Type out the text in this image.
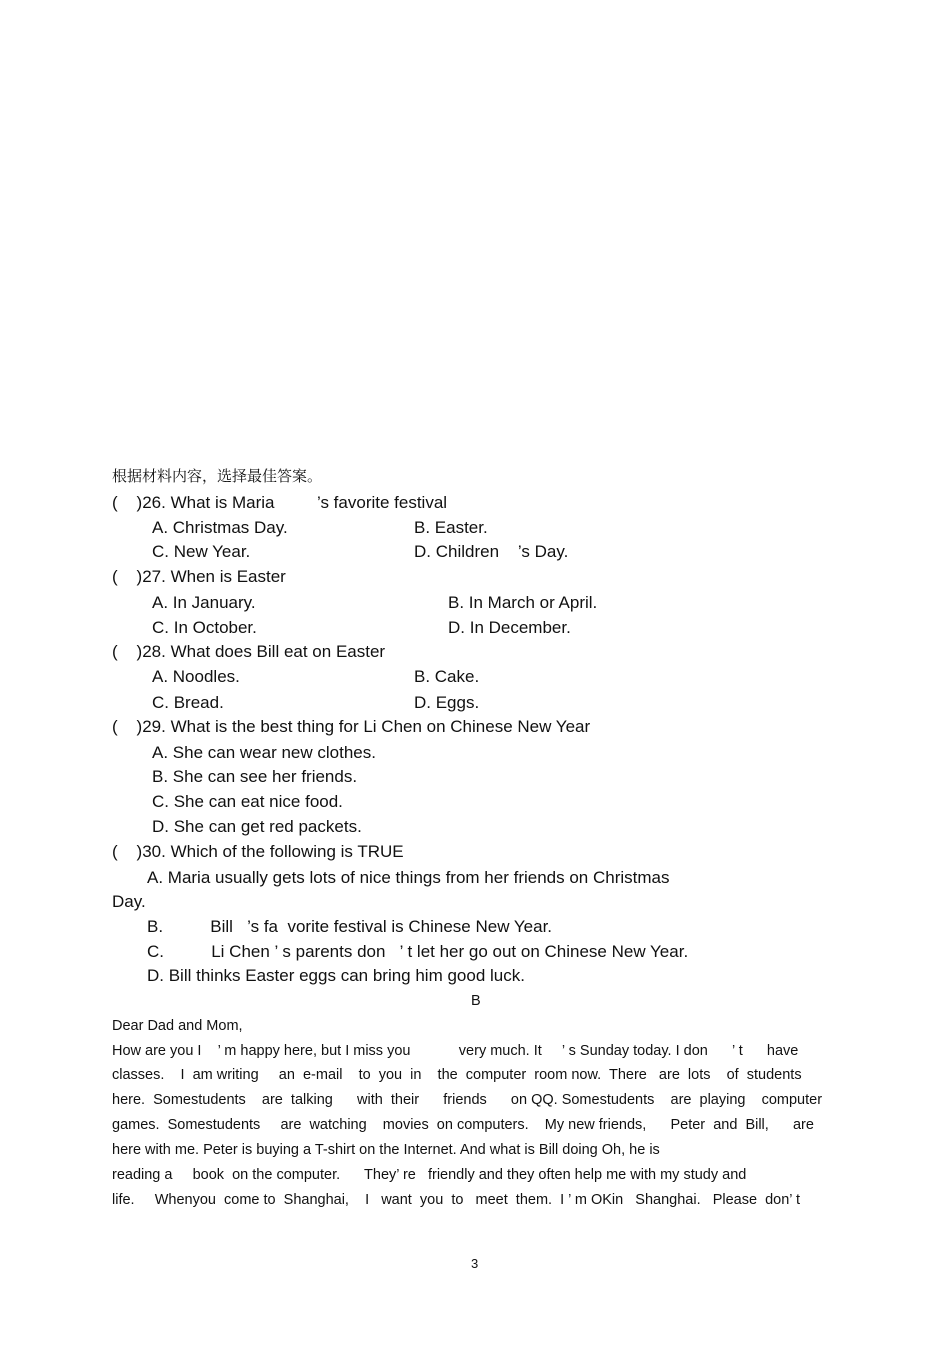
根据材料内容，选择最佳答案。
(    )26. What is Maria         ’s favorite festival
A. Christmas Day.	B. Easter.
C. New Year.	D. Children    ’s Day.
(    )27. When is Easter
A. In January.	B. In March or April.
C. In October.	D. In December.
(    )28. What does Bill eat on Easter
A. Noodles.	B. Cake.
C. Bread.	D. Eggs.
(    )29. What is the best thing for Li Chen on Chinese New Year
A. She can wear new clothes.
B. She can see her friends.
C. She can eat nice food.
D. She can get red packets.
(    )30. Which of the following is TRUE
A. Maria usually gets lots of nice things from her friends on Christmas
Day.
B.          Bill   ’s fa  vorite festival is Chinese New Year.
C.          Li Chen ’ s parents don   ’ t let her go out on Chinese New Year.
D. Bill thinks Easter eggs can bring him good luck.
B
Dear Dad and Mom,
How are you I    ’ m happy here, but I miss you            very much. It     ’ s Sunday today. I don      ’ t      have
classes.    I  am writing     an  e-mail    to  you  in    the  computer  room now.  There   are  lots    of  students
here.  Somestudents    are  talking      with  their      friends      on QQ. Somestudents    are  playing    computer
games.  Somestudents     are  watching    movies  on computers.    My new friends,      Peter  and  Bill,      are
here with me. Peter is buying a T-shirt on the Internet. And what is Bill doing Oh, he is
reading a     book  on the computer.      They’ re   friendly and they often help me with my study and
life.     Whenyou  come to  Shanghai,    I   want  you  to   meet  them.  I ’ m OKin   Shanghai.   Please  don’ t
3
